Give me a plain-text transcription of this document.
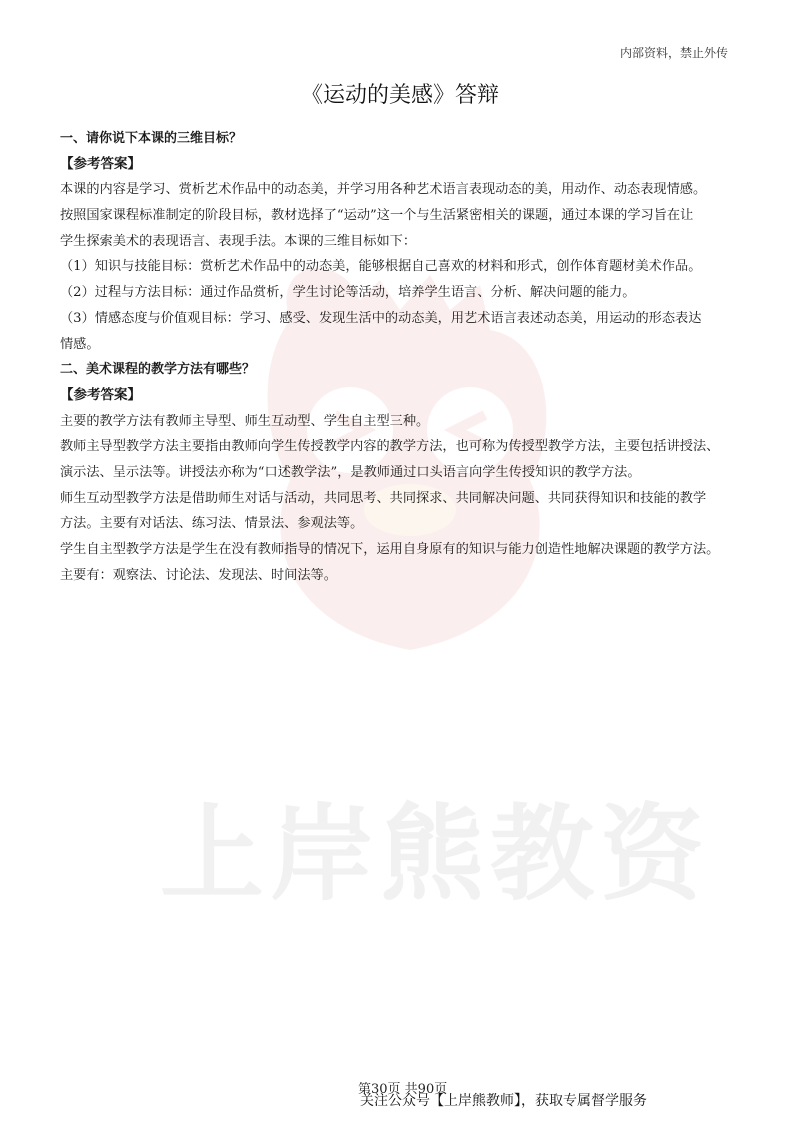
上岸熊教资
内部资料，禁止外传
《运动的美感》答辩
一、请你说下本课的三维目标？
【参考答案】
本课的内容是学习、赏析艺术作品中的动态美，并学习用各种艺术语言表现动态的美，用动作、动态表现情感。
按照国家课程标准制定的阶段目标，教材选择了“运动”这一个与生活紧密相关的课题，通过本课的学习旨在让
学生探索美术的表现语言、表现手法。本课的三维目标如下：
（1）知识与技能目标：赏析艺术作品中的动态美，能够根据自己喜欢的材料和形式，创作体育题材美术作品。
（2）过程与方法目标：通过作品赏析，学生讨论等活动，培养学生语言、分析、解决问题的能力。
（3）情感态度与价值观目标：学习、感受、发现生活中的动态美，用艺术语言表述动态美，用运动的形态表达
情感。
二、美术课程的教学方法有哪些？
【参考答案】
主要的教学方法有教师主导型、师生互动型、学生自主型三种。
教师主导型教学方法主要指由教师向学生传授教学内容的教学方法，也可称为传授型教学方法，主要包括讲授法、
演示法、呈示法等。讲授法亦称为“口述教学法”，是教师通过口头语言向学生传授知识的教学方法。
师生互动型教学方法是借助师生对话与活动，共同思考、共同探求、共同解决问题、共同获得知识和技能的教学
方法。主要有对话法、练习法、情景法、参观法等。
学生自主型教学方法是学生在没有教师指导的情况下，运用自身原有的知识与能力创造性地解决课题的教学方法。
主要有：观察法、讨论法、发现法、时间法等。
第30页 共90页
关注公众号【上岸熊教师】，获取专属督学服务
